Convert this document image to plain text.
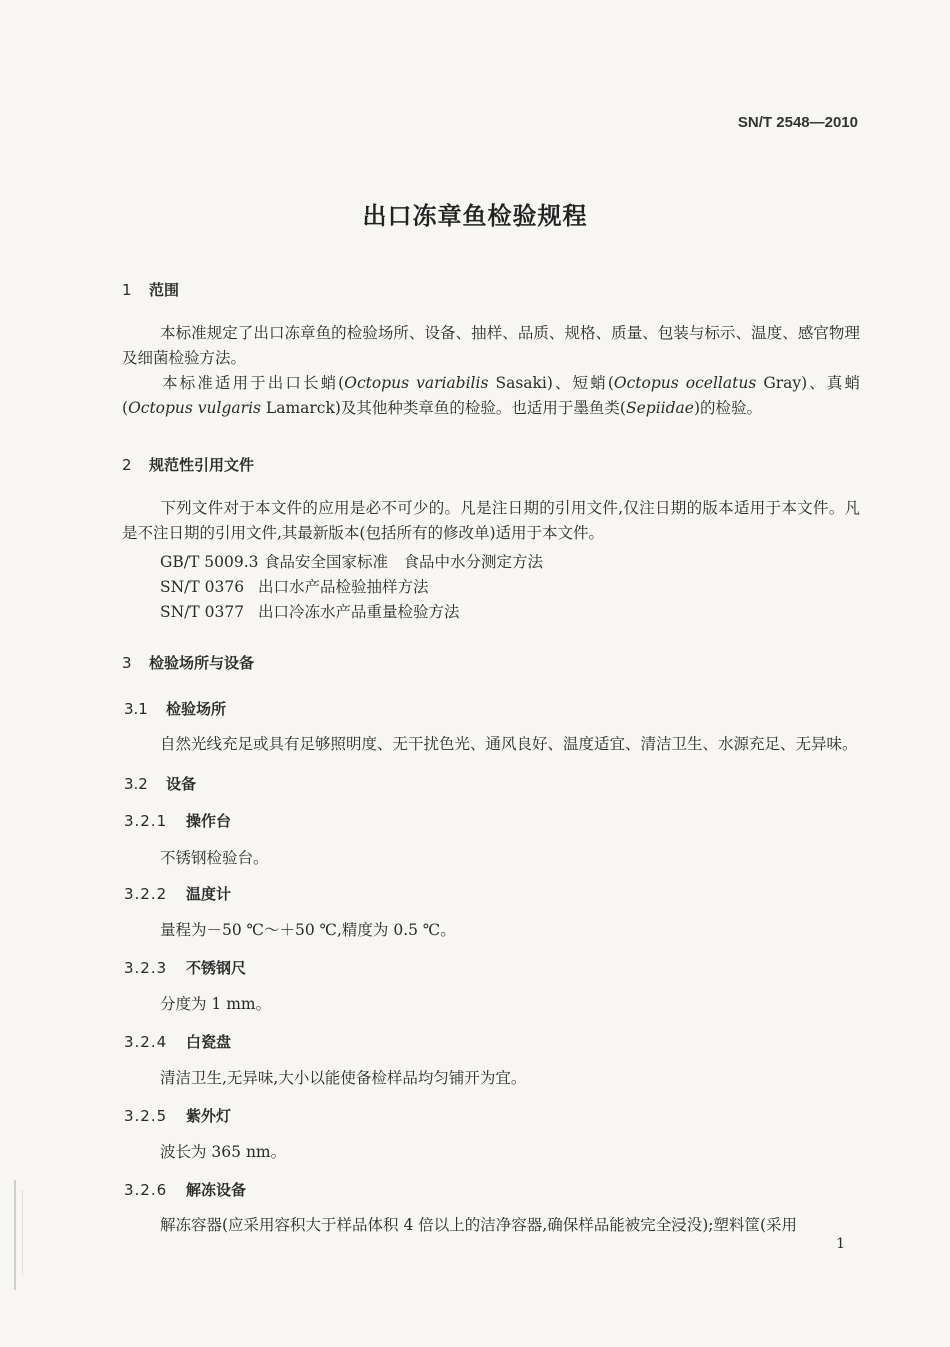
SN/T 2548—2010
出口冻章鱼检验规程
1 范围
本标准规定了出口冻章鱼的检验场所、设备、抽样、品质、规格、质量、包装与标示、温度、感官物理及细菌检验方法。
本标准适用于出口长蛸(Octopus variabilis Sasaki)、短蛸(Octopus ocellatus Gray)、真蛸(Octopus vulgaris Lamarck)及其他种类章鱼的检验。也适用于墨鱼类(Sepiidae)的检验。
2 规范性引用文件
下列文件对于本文件的应用是必不可少的。凡是注日期的引用文件,仅注日期的版本适用于本文件。凡是不注日期的引用文件,其最新版本(包括所有的修改单)适用于本文件。
GB/T 5009.3 食品安全国家标准　食品中水分测定方法
SN/T 0376 出口水产品检验抽样方法
SN/T 0377 出口冷冻水产品重量检验方法
3 检验场所与设备
3.1 检验场所
自然光线充足或具有足够照明度、无干扰色光、通风良好、温度适宜、清洁卫生、水源充足、无异味。
3.2 设备
3.2.1 操作台
不锈钢检验台。
3.2.2 温度计
量程为－50 ℃～＋50 ℃,精度为 0.5 ℃。
3.2.3 不锈钢尺
分度为 1 mm。
3.2.4 白瓷盘
清洁卫生,无异味,大小以能使备检样品均匀铺开为宜。
3.2.5 紫外灯
波长为 365 nm。
3.2.6 解冻设备
解冻容器(应采用容积大于样品体积 4 倍以上的洁净容器,确保样品能被完全浸没);塑料筐(采用
1
